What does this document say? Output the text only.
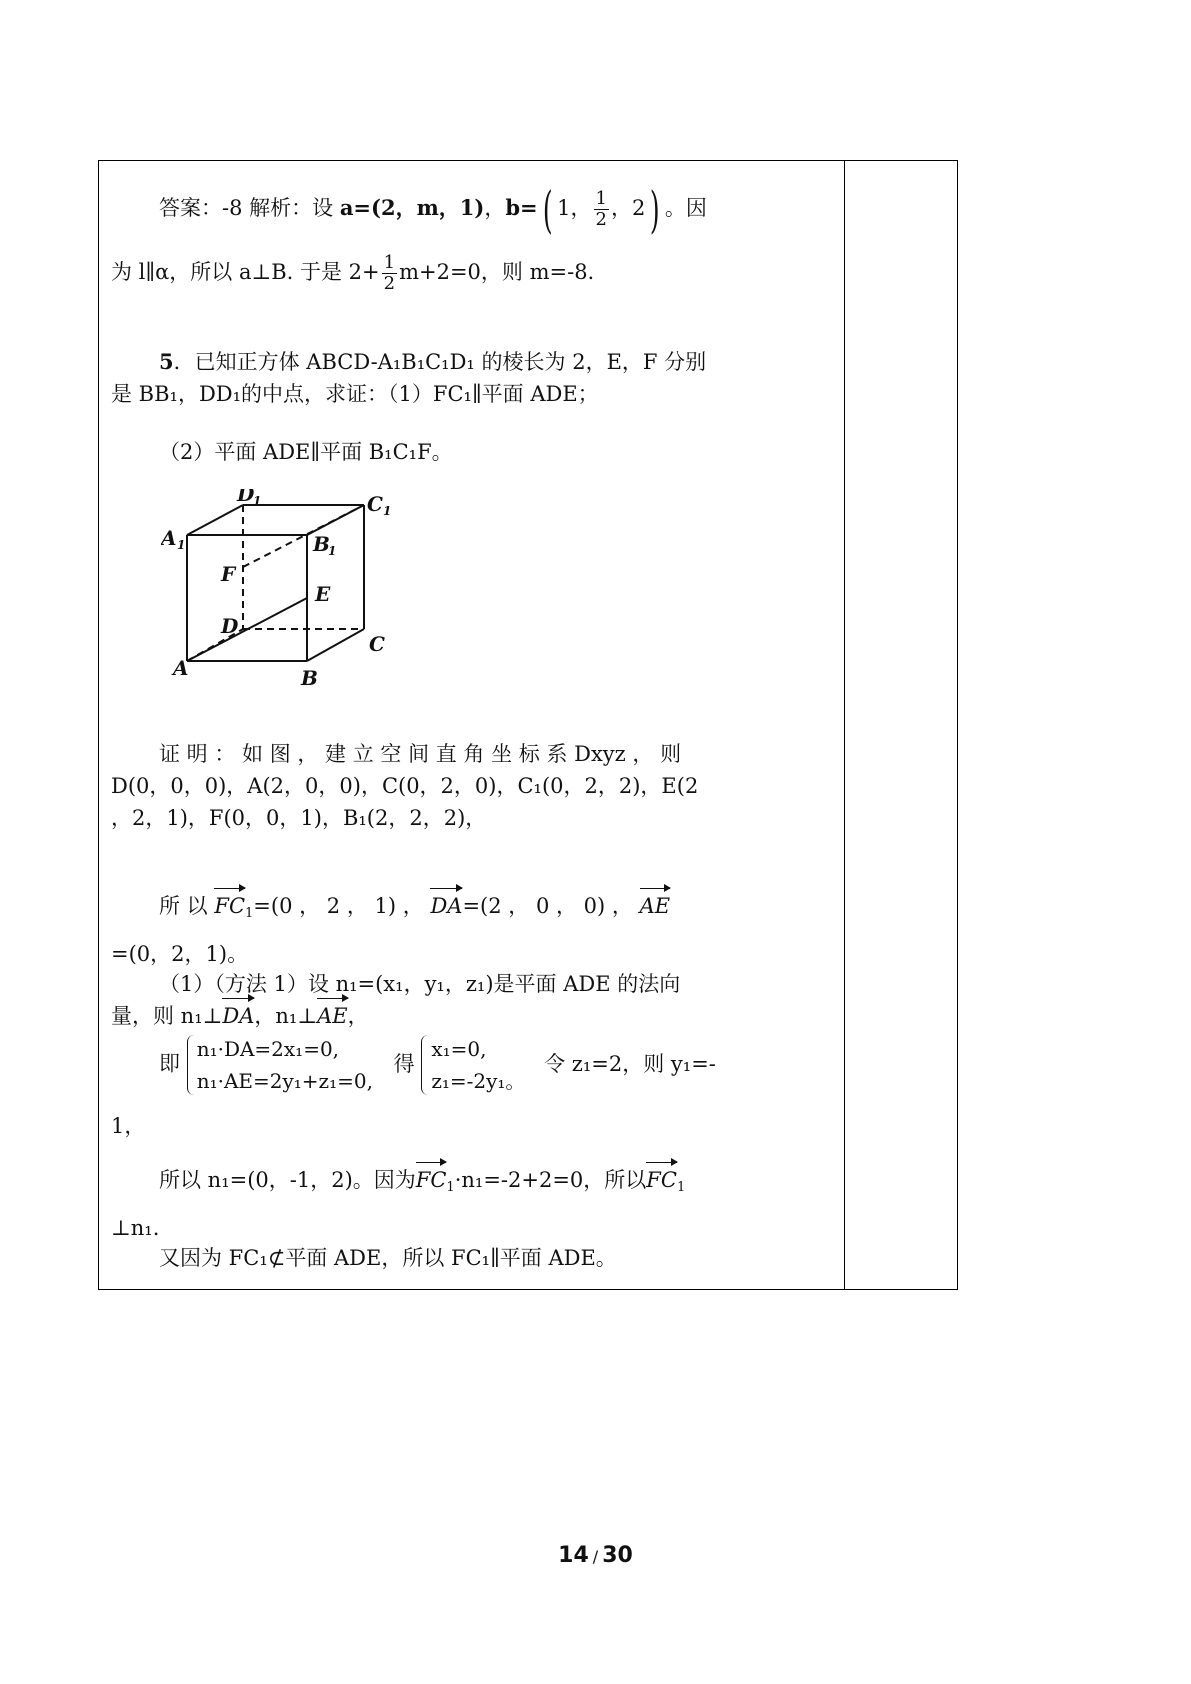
答案：-8 解析：设 a=(2，m，1)，b=( 1， $\frac{1}{2}$ ，2) 。因
为 l∥α，所以 a⊥B. 于是 $2+ \frac{1}{2} m+2=0$，则 m=-8.
5．已知正方体 ABCD-A₁B₁C₁D₁ 的棱长为 2，E，F 分别
是 BB₁，DD₁的中点，求证：（1）FC₁∥平面 ADE；
（2）平面 ADE∥平面 B₁C₁F。
D
1	C 1
A 1	B
1
F
E
D
C
A	B
证 明 ： 如 图 ， 建 立 空 间 直 角 坐 标 系 Dxyz ， 则
D(0，0，0)，A(2，0，0)，C(0，2，0)，C₁(0，2，2)，E(2
，2，1)，F(0，0，1)，B₁(2，2，2)，
所 以 $FC_1=(0$ ， 2 ， 1) ， DA=(2 ， 0 ， 0) ， AE
=(0，2，1)。
（1）（方法 1）设 n₁=(x₁，y₁，z₁)是平面 ADE 的法向
量，则 n₁⊥DA，n₁⊥AE，
即
n₁·DA=2x₁=0,
n₁·AE=2y₁+z₁=0,
得
x₁=0,
z₁=-2y₁。
令 z₁=2，则 y₁=-
1，
所以 n₁=(0，-1，2)。因为$FC_1\cdot n_1=-2+2=0$，所以$FC_1$
⊥n₁.
又因为 FC₁⊄平面 ADE，所以 FC₁∥平面 ADE。
14 / 30
